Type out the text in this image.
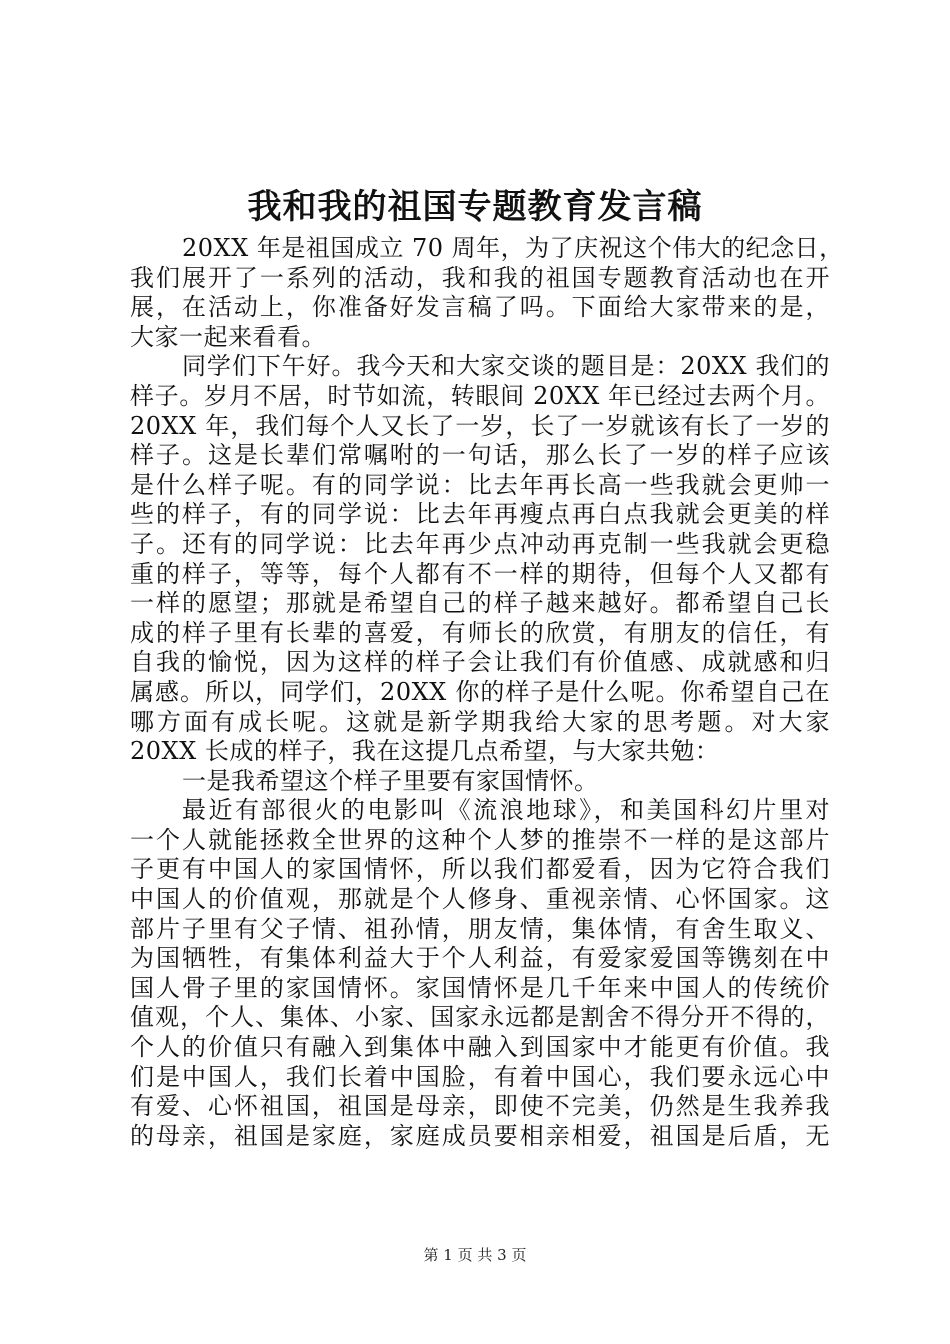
我和我的祖国专题教育发言稿
20XX 年是祖国成立 70 周年，为了庆祝这个伟大的纪念日，
我们展开了一系列的活动，我和我的祖国专题教育活动也在开
展，在活动上，你准备好发言稿了吗。下面给大家带来的是，
大家一起来看看。
同学们下午好。我今天和大家交谈的题目是：20XX 我们的
样子。岁月不居，时节如流，转眼间 20XX 年已经过去两个月。
20XX 年，我们每个人又长了一岁，长了一岁就该有长了一岁的
样子。这是长辈们常嘱咐的一句话，那么长了一岁的样子应该
是什么样子呢。有的同学说：比去年再长高一些我就会更帅一
些的样子，有的同学说：比去年再瘦点再白点我就会更美的样
子。还有的同学说：比去年再少点冲动再克制一些我就会更稳
重的样子，等等，每个人都有不一样的期待，但每个人又都有
一样的愿望；那就是希望自己的样子越来越好。都希望自己长
成的样子里有长辈的喜爱，有师长的欣赏，有朋友的信任，有
自我的愉悦，因为这样的样子会让我们有价值感、成就感和归
属感。所以，同学们，20XX 你的样子是什么呢。你希望自己在
哪方面有成长呢。这就是新学期我给大家的思考题。对大家
20XX 长成的样子，我在这提几点希望，与大家共勉：
一是我希望这个样子里要有家国情怀。
最近有部很火的电影叫《流浪地球》，和美国科幻片里对
一个人就能拯救全世界的这种个人梦的推崇不一样的是这部片
子更有中国人的家国情怀，所以我们都爱看，因为它符合我们
中国人的价值观，那就是个人修身、重视亲情、心怀国家。这
部片子里有父子情、祖孙情，朋友情，集体情，有舍生取义、
为国牺牲，有集体利益大于个人利益，有爱家爱国等镌刻在中
国人骨子里的家国情怀。家国情怀是几千年来中国人的传统价
值观，个人、集体、小家、国家永远都是割舍不得分开不得的，
个人的价值只有融入到集体中融入到国家中才能更有价值。我
们是中国人，我们长着中国脸，有着中国心，我们要永远心中
有爱、心怀祖国，祖国是母亲，即使不完美，仍然是生我养我
的母亲，祖国是家庭，家庭成员要相亲相爱，祖国是后盾，无
第 1 页 共 3 页
